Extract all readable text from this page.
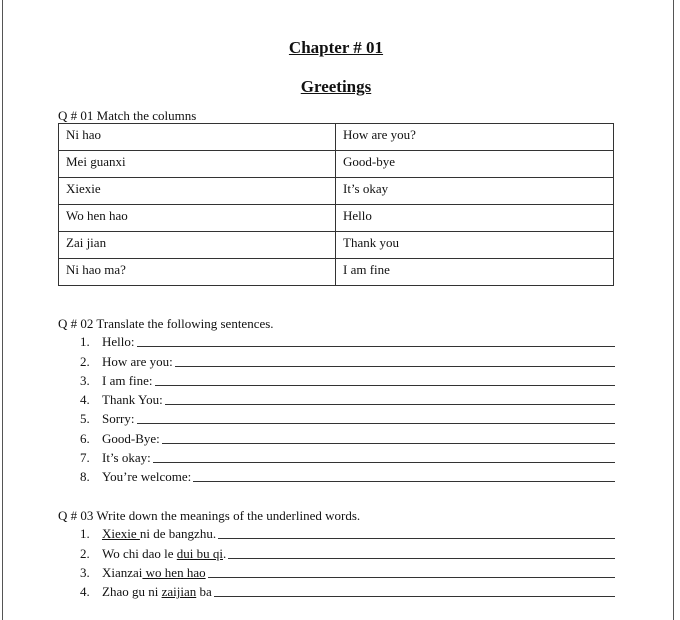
Chapter # 01
Greetings
Q # 01 Match the columns
Ni hao	How are you?
Mei guanxi	Good-bye
Xiexie	It’s okay
Wo hen hao	Hello
Zai jian	Thank you
Ni hao ma?	I am fine
Q # 02 Translate the following sentences.
1. Hello:
2. How are you:
3. I am fine:
4. Thank You:
5. Sorry:
6. Good-Bye:
7. It’s okay:
8. You’re welcome:
Q # 03 Write down the meanings of the underlined words.
1. Xiexie ni de bangzhu.
2. Wo chi dao le dui bu qi .
3. Xianzai wo hen hao
4. Zhao gu ni zaijian ba
